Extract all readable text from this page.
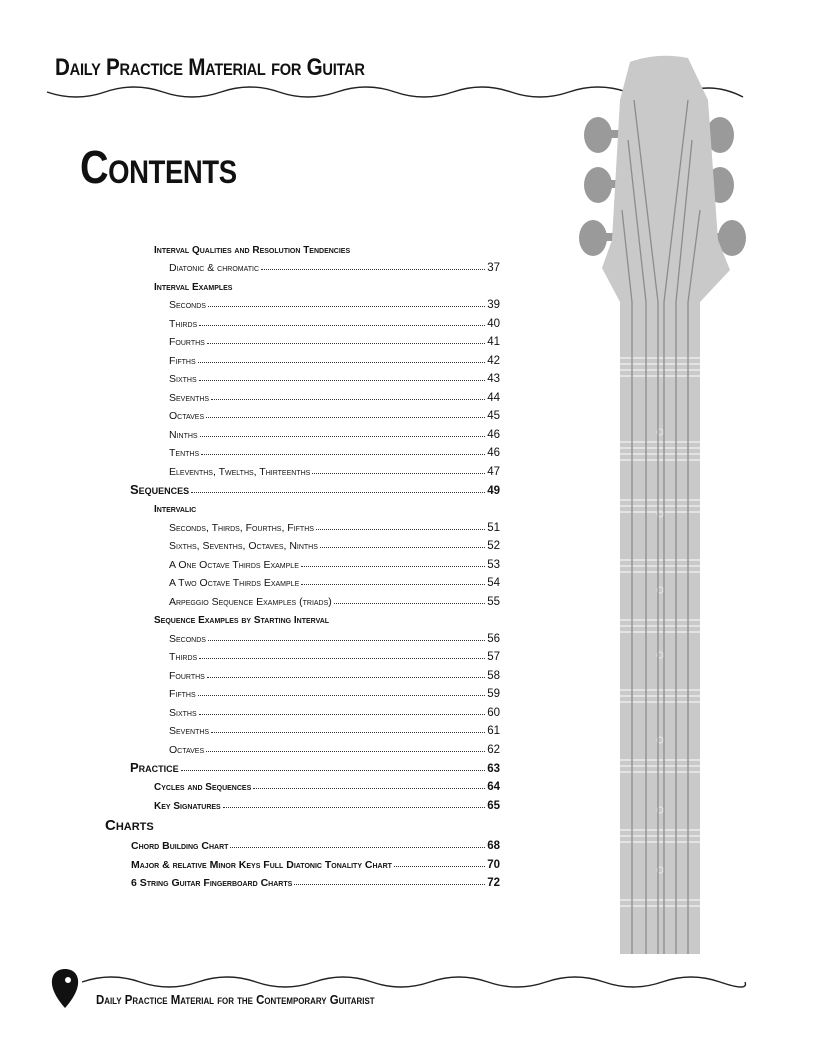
Daily Practice Material for Guitar
Contents
Interval Qualities and Resolution Tendencies
Diatonic & chromatic	37
Interval Examples
Seconds	39
Thirds	40
Fourths	41
Fifths	42
Sixths	43
Sevenths	44
Octaves	45
Ninths	46
Tenths	46
Elevenths, Twelths, Thirteenths	47
Sequences	49
Intervalic
Seconds, Thirds, Fourths, Fifths	51
Sixths, Sevenths, Octaves, Ninths	52
A One Octave Thirds Example	53
A Two Octave Thirds Example	54
Arpeggio Sequence Examples (triads)	55
Sequence Examples by Starting Interval
Seconds	56
Thirds	57
Fourths	58
Fifths	59
Sixths	60
Sevenths	61
Octaves	62
Practice	63
Cycles and Sequences	64
Key Signatures	65
Charts
Chord Building Chart	68
Major & relative Minor Keys Full Diatonic Tonality Chart	70
6 String Guitar Fingerboard Charts	72

Daily Practice Material for the Contemporary Guitarist
